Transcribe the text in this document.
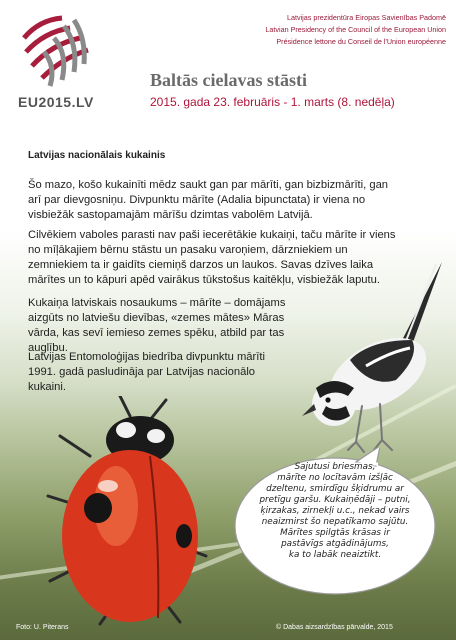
EU2015.LV
Latvijas prezidentūra Eiropas Savienības Padomē
Latvian Presidency of the Council of the European Union
Présidence lettone du Conseil de l'Union européenne
Baltās cielavas stāsti
2015. gada 23. februāris - 1. marts (8. nedēļa)
Latvijas nacionālais kukainis
Šo mazo, košo kukainīti mēdz saukt gan par mārīti, gan bizbizmārīti, gan arī par dievgosniņu. Divpunktu mārīte (Adalia bipunctata) ir viena no visbiežāk sastopamajām mārīšu dzimtas vabolēm Latvijā.
Cilvēkiem vaboles parasti nav paši iecerētākie kukaiņi, taču mārīte ir viens no mīļākajiem bērnu stāstu un pasaku varoņiem, dārzniekiem un zemniekiem ta ir gaidīts ciemiņš darzos un laukos. Savas dzīves laika mārītes un to kāpuri apēd vairākus tūkstošus kaitēkļu, visbiežāk laputu.
Kukaiņa latviskais nosaukums – mārīte – domājams aizgūts no latviešu dievības, «zemes mātes» Māras vārda, kas sevī iemieso zemes spēku, atbild par tas auglību.
Latvijas Entomoloģijas biedrība divpunktu mārīti 1991. gadā pasludināja par Latvijas nacionālo kukaini.
Sajutusi briesmas,
mārīte no locītavām izšļāc
dzeltenu, smirdīgu šķidrumu ar
pretīgu garšu. Kukaiņēdāji – putni,
ķirzakas, zirnekļi u.c., nekad vairs
neaizmirst šo nepatīkamo sajūtu.
Mārītes spilgtās krāsas ir
pastāvīgs atgādinājums,
ka to labāk neaiztikt.
Foto: U. Piterans	© Dabas aizsardzības pārvalde, 2015
